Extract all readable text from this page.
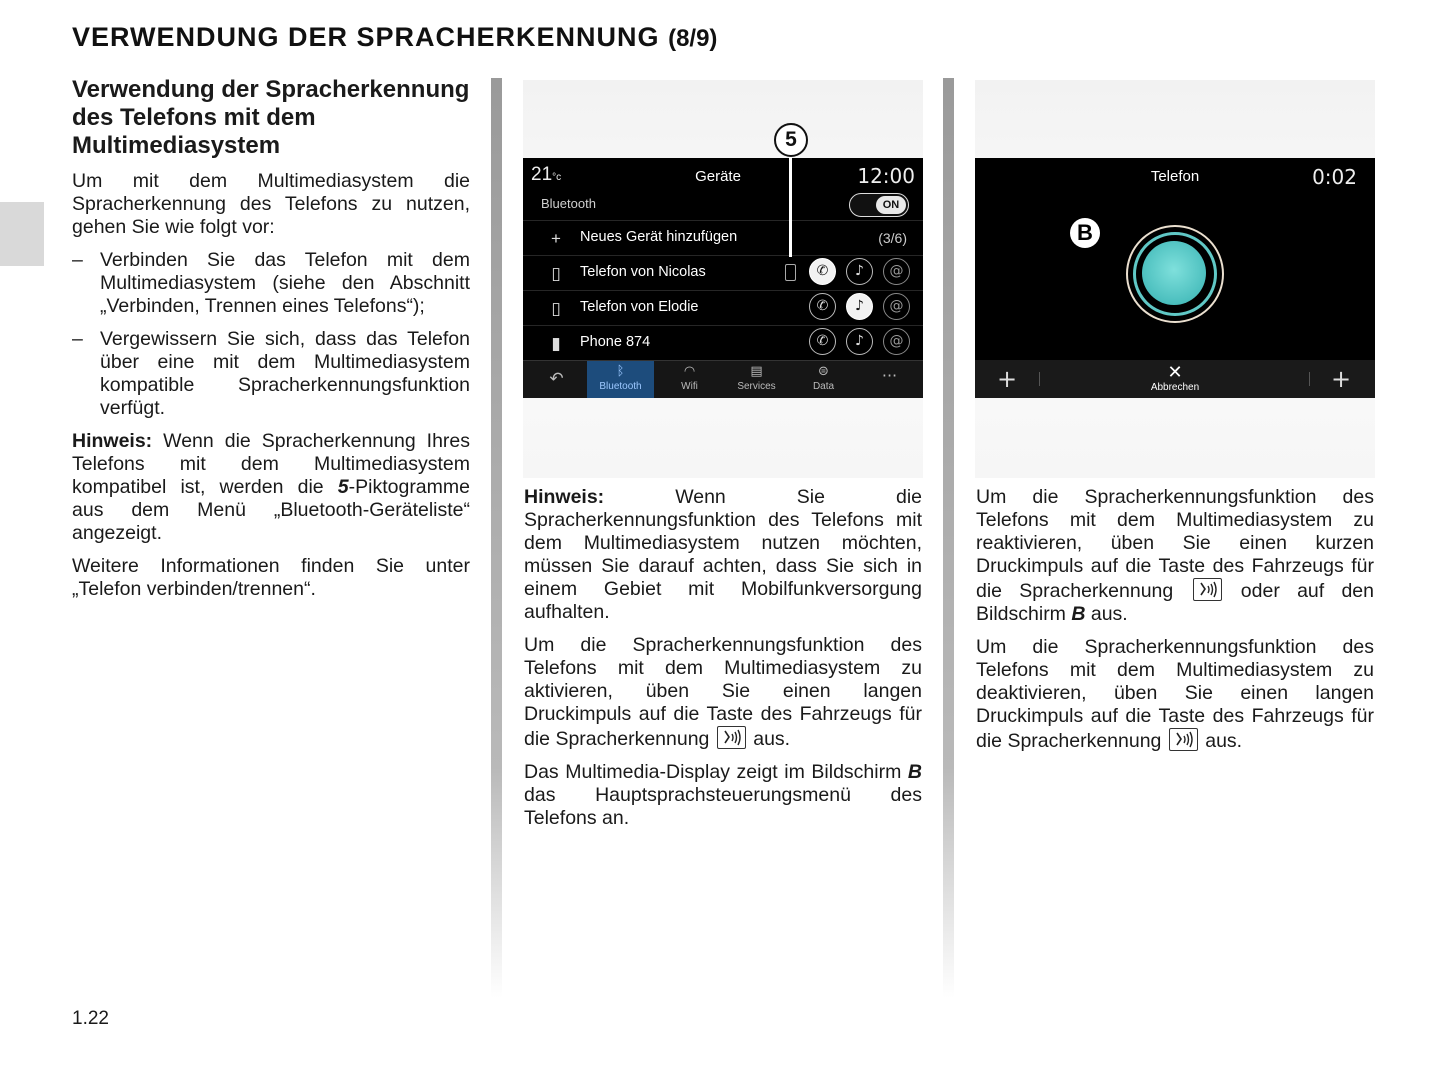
VERWENDUNG DER SPRACHERKENNUNG (8/9)
Verwendung der Spracherkennung des Telefons mit dem Multimediasystem

Um mit dem Multimediasystem die Spracherkennung des Telefons zu nutzen, gehen Sie wie folgt vor:

– Verbinden Sie das Telefon mit dem Multimediasystem (siehe den Abschnitt „Verbinden, Trennen eines Telefons“);
– Vergewissern Sie sich, dass das Telefon über eine mit dem Multimediasystem kompatible Spracherkennungsfunktion verfügt.

Hinweis: Wenn die Spracherkennung Ihres Telefons mit dem Multimediasystem kompatibel ist, werden die 5-Piktogramme aus dem Menü „Bluetooth-Geräteliste“ angezeigt.

Weitere Informationen finden Sie unter „Telefon verbinden/trennen“.

21°c	Geräte	12:00
Bluetooth	ON
+ Neues Gerät hinzufügen	(3/6)
▯ Telefon von Nicolas	✆	♪	@
▯ Telefon von Elodie	✆	♪	@
▮ Phone 874	✆	♪	@
↶	ᛒ
Bluetooth
◠
Wifi
▤
Services
⊜
Data
···
5
Telefon	0:02
B
+	✕
Abbrechen	+

Hinweis: Wenn Sie die Spracherkennungsfunktion des Telefons mit dem Multimediasystem nutzen möchten, müssen Sie darauf achten, dass Sie sich in einem Gebiet mit Mobilfunkversorgung aufhalten.

Um die Spracherkennungsfunktion des Telefons mit dem Multimediasystem zu aktivieren, üben Sie einen langen Druckimpuls auf die Taste des Fahrzeugs für die Spracherkennung
aus.

Das Multimedia-Display zeigt im Bildschirm B das Hauptsprachsteuerungsmenü des Telefons an.

Um die Spracherkennungsfunktion des Telefons mit dem Multimediasystem zu reaktivieren, üben Sie einen kurzen Druckimpuls auf die Taste des Fahrzeugs für die Spracherkennung
oder auf den Bildschirm B aus.

Um die Spracherkennungsfunktion des Telefons mit dem Multimediasystem zu deaktivieren, üben Sie einen langen Druckimpuls auf die Taste des Fahrzeugs für die Spracherkennung
aus.

1.22
